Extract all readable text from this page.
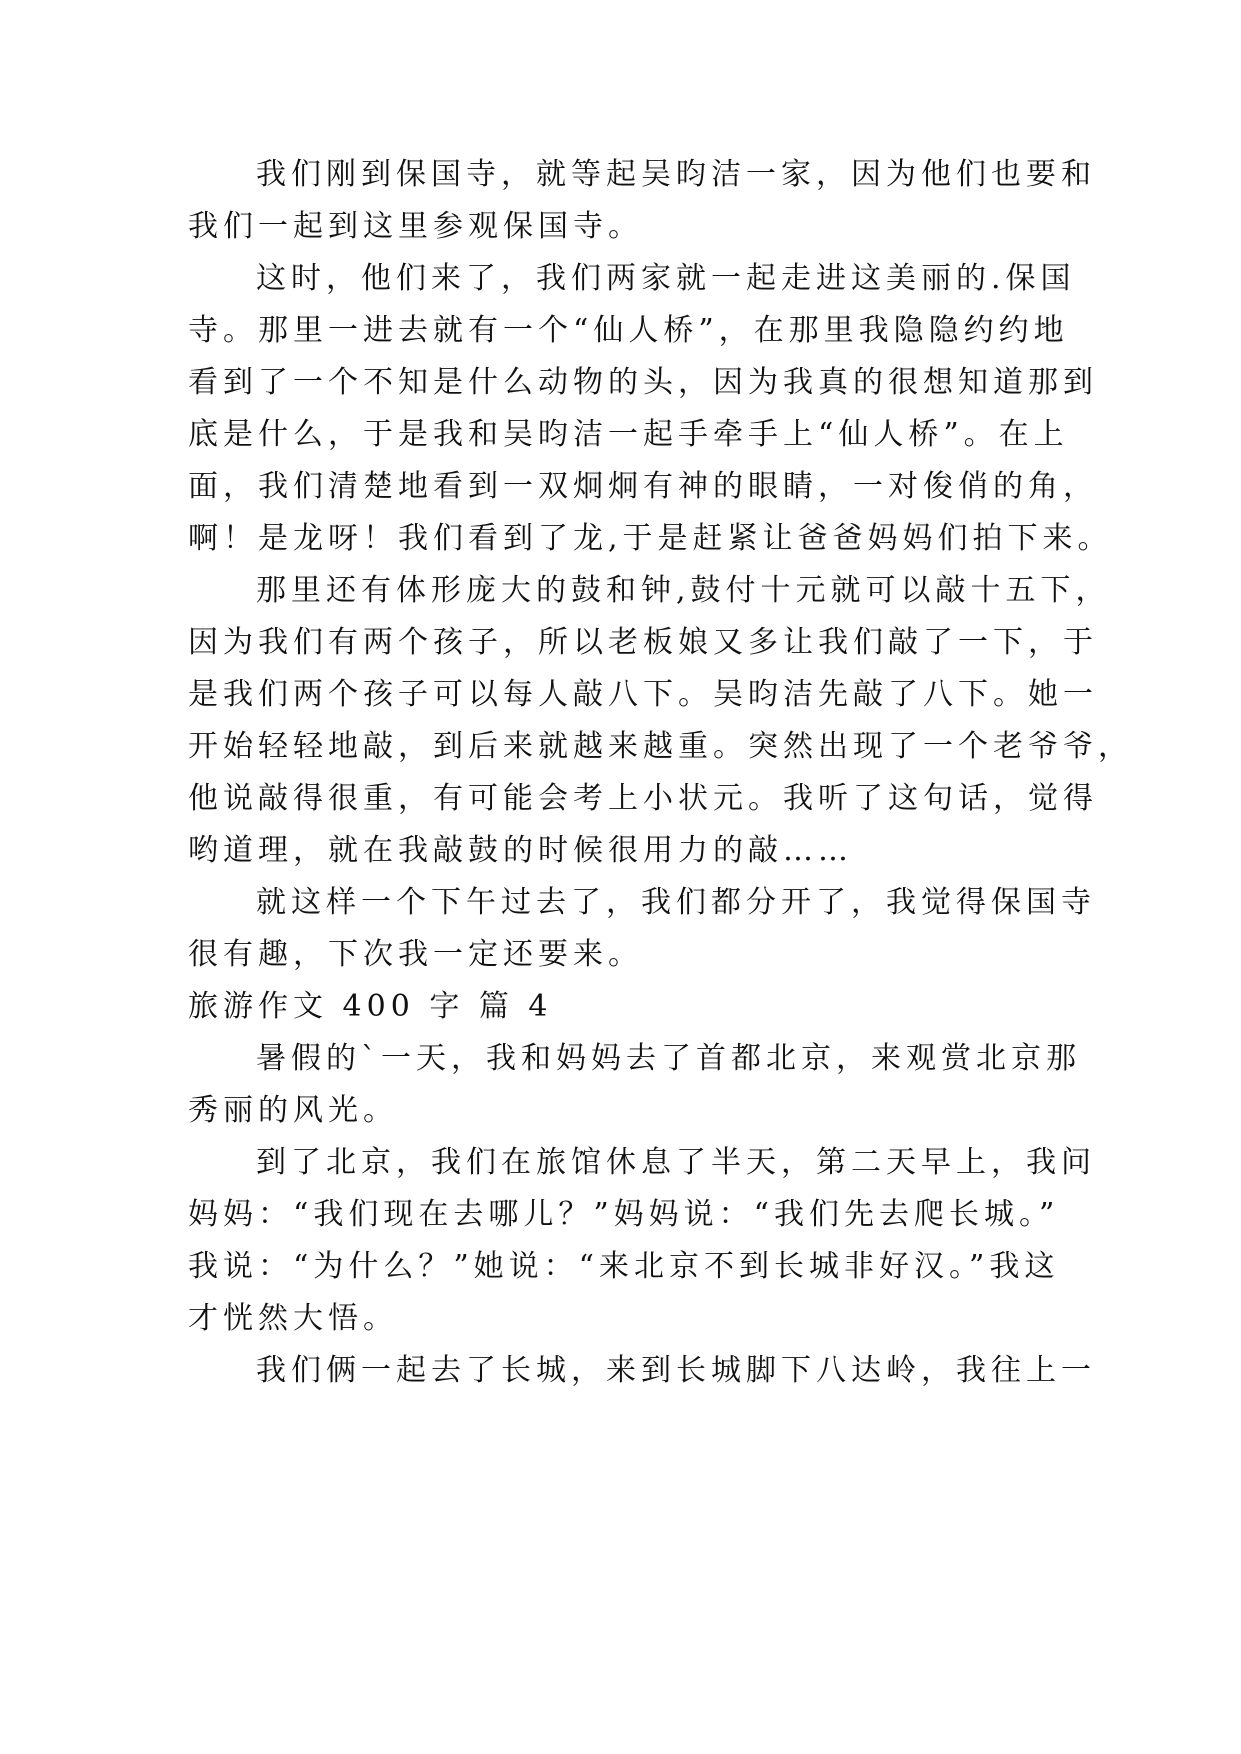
我们刚到保国寺，就等起吴昀洁一家，因为他们也要和
我们一起到这里参观保国寺。
这时，他们来了，我们两家就一起走进这美丽的.保国
寺。那里一进去就有一个“仙人桥”，在那里我隐隐约约地
看到了一个不知是什么动物的头，因为我真的很想知道那到
底是什么，于是我和吴昀洁一起手牵手上“仙人桥”。在上
面，我们清楚地看到一双炯炯有神的眼睛，一对俊俏的角，
啊！是龙呀！我们看到了龙,于是赶紧让爸爸妈妈们拍下来。
那里还有体形庞大的鼓和钟,鼓付十元就可以敲十五下，
因为我们有两个孩子，所以老板娘又多让我们敲了一下，于
是我们两个孩子可以每人敲八下。吴昀洁先敲了八下。她一
开始轻轻地敲，到后来就越来越重。突然出现了一个老爷爷，
他说敲得很重，有可能会考上小状元。我听了这句话，觉得
哟道理，就在我敲鼓的时候很用力的敲……
就这样一个下午过去了，我们都分开了，我觉得保国寺
很有趣，下次我一定还要来。
旅游作文 400 字 篇 4
暑假的`一天，我和妈妈去了首都北京，来观赏北京那
秀丽的风光。
到了北京，我们在旅馆休息了半天，第二天早上，我问
妈妈：“我们现在去哪儿？”妈妈说：“我们先去爬长城。”
我说：“为什么？”她说：“来北京不到长城非好汉。”我这
才恍然大悟。
我们俩一起去了长城，来到长城脚下八达岭，我往上一
